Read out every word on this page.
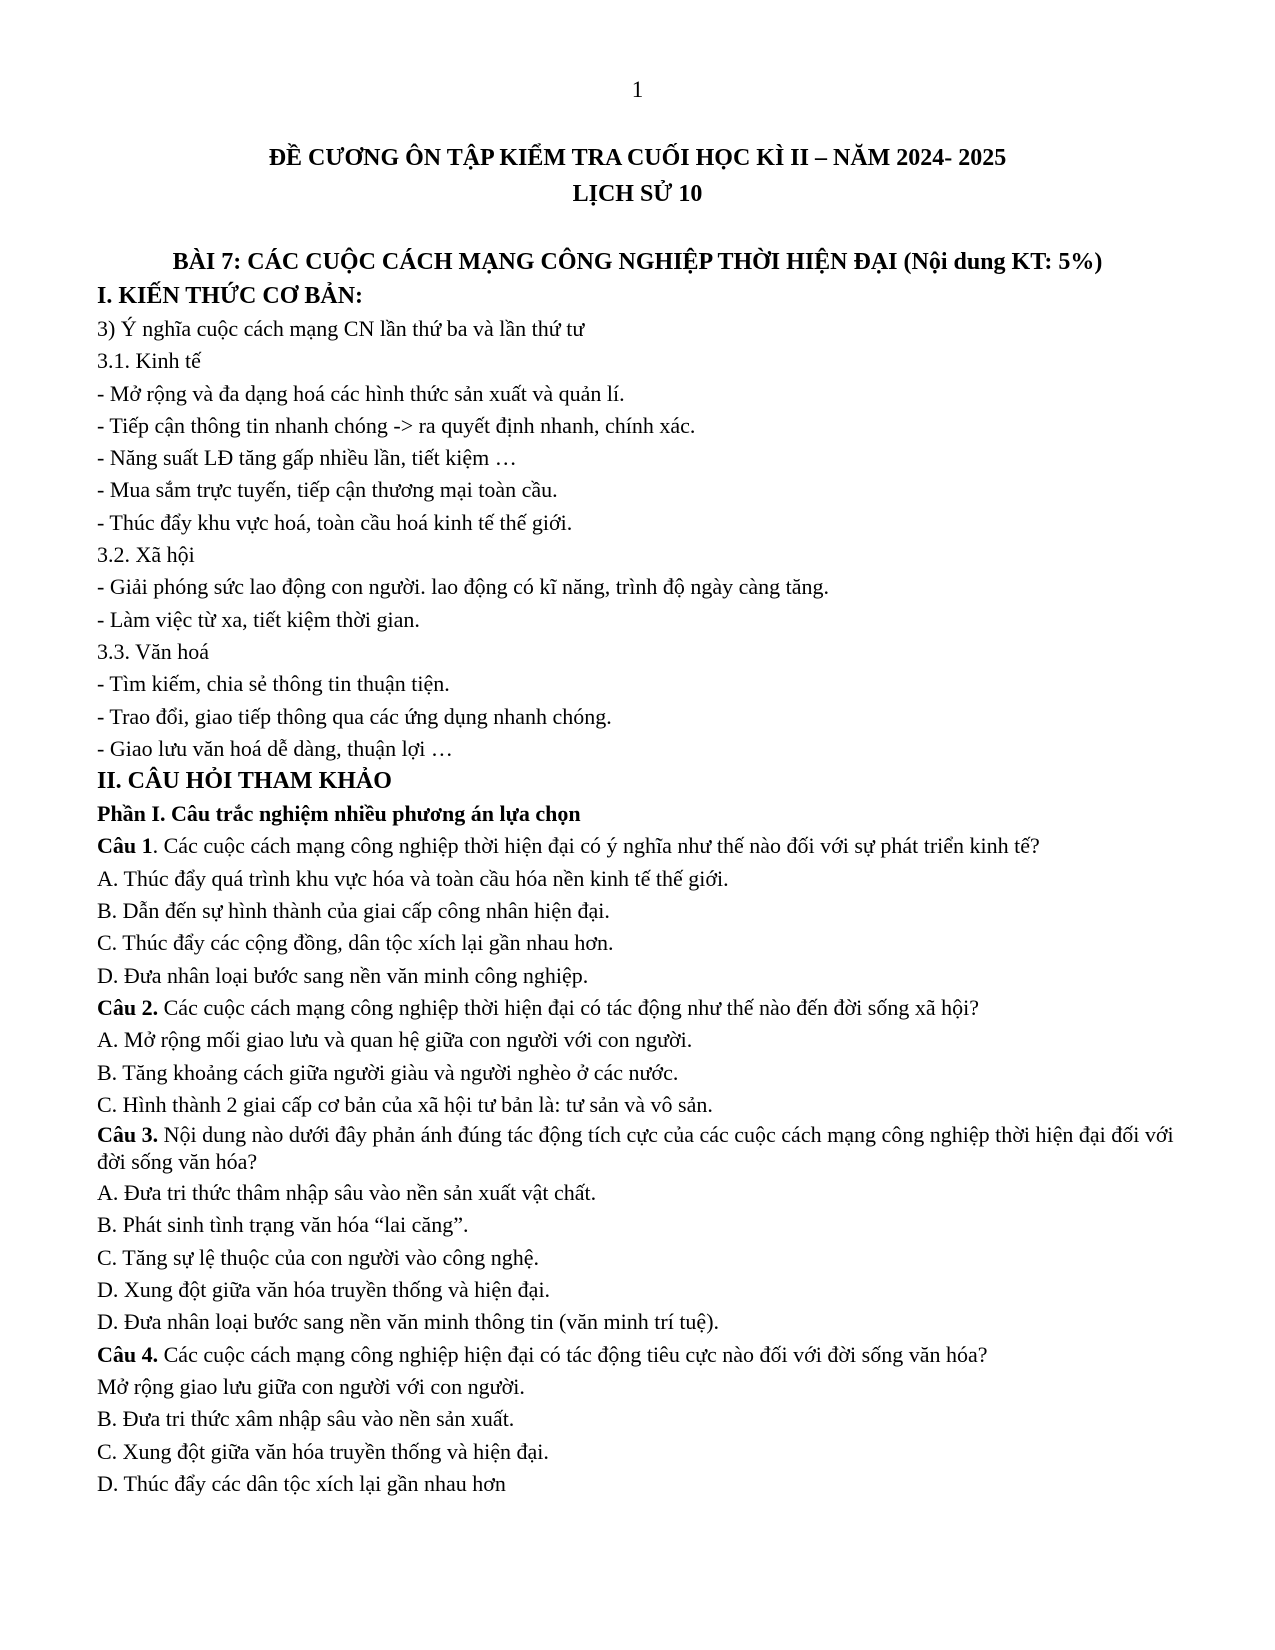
1
ĐỀ CƯƠNG ÔN TẬP KIỂM TRA CUỐI HỌC KÌ II – NĂM 2024- 2025
LỊCH SỬ 10
BÀI 7: CÁC CUỘC CÁCH MẠNG CÔNG NGHIỆP THỜI HIỆN ĐẠI (Nội dung KT: 5%)
I. KIẾN THỨC CƠ BẢN:
3) Ý nghĩa cuộc cách mạng CN lần thứ ba và lần thứ tư
3.1. Kinh tế
- Mở rộng và đa dạng hoá các hình thức sản xuất và quản lí.
- Tiếp cận thông tin nhanh chóng -> ra quyết định nhanh, chính xác.
- Năng suất LĐ tăng gấp nhiều lần, tiết kiệm …
- Mua sắm trực tuyến, tiếp cận thương mại toàn cầu.
- Thúc đẩy khu vực hoá, toàn cầu hoá kinh tế thế giới.
3.2. Xã hội
- Giải phóng sức lao động con người. lao động có kĩ năng, trình độ ngày càng tăng.
- Làm việc từ xa, tiết kiệm thời gian.
3.3. Văn hoá
- Tìm kiếm, chia sẻ thông tin thuận tiện.
- Trao đổi, giao tiếp thông qua các ứng dụng nhanh chóng.
- Giao lưu văn hoá dễ dàng, thuận lợi …
II. CÂU HỎI THAM KHẢO
Phần I. Câu trắc nghiệm nhiều phương án lựa chọn
Câu 1. Các cuộc cách mạng công nghiệp thời hiện đại có ý nghĩa như thế nào đối với sự phát triển kinh tế?
A. Thúc đẩy quá trình khu vực hóa và toàn cầu hóa nền kinh tế thế giới.
B. Dẫn đến sự hình thành của giai cấp công nhân hiện đại.
C. Thúc đẩy các cộng đồng, dân tộc xích lại gần nhau hơn.
D. Đưa nhân loại bước sang nền văn minh công nghiệp.
Câu 2. Các cuộc cách mạng công nghiệp thời hiện đại có tác động như thế nào đến đời sống xã hội?
A. Mở rộng mối giao lưu và quan hệ giữa con người với con người.
B. Tăng khoảng cách giữa người giàu và người nghèo ở các nước.
C. Hình thành 2 giai cấp cơ bản của xã hội tư bản là: tư sản và vô sản.
Câu 3. Nội dung nào dưới đây phản ánh đúng tác động tích cực của các cuộc cách mạng công nghiệp thời hiện đại đối với đời sống văn hóa?
A. Đưa tri thức thâm nhập sâu vào nền sản xuất vật chất.
B. Phát sinh tình trạng văn hóa “lai căng”.
C. Tăng sự lệ thuộc của con người vào công nghệ.
D. Xung đột giữa văn hóa truyền thống và hiện đại.
D. Đưa nhân loại bước sang nền văn minh thông tin (văn minh trí tuệ).
Câu 4. Các cuộc cách mạng công nghiệp hiện đại có tác động tiêu cực nào đối với đời sống văn hóa?
Mở rộng giao lưu giữa con người với con người.
B. Đưa tri thức xâm nhập sâu vào nền sản xuất.
C. Xung đột giữa văn hóa truyền thống và hiện đại.
D. Thúc đẩy các dân tộc xích lại gần nhau hơn
